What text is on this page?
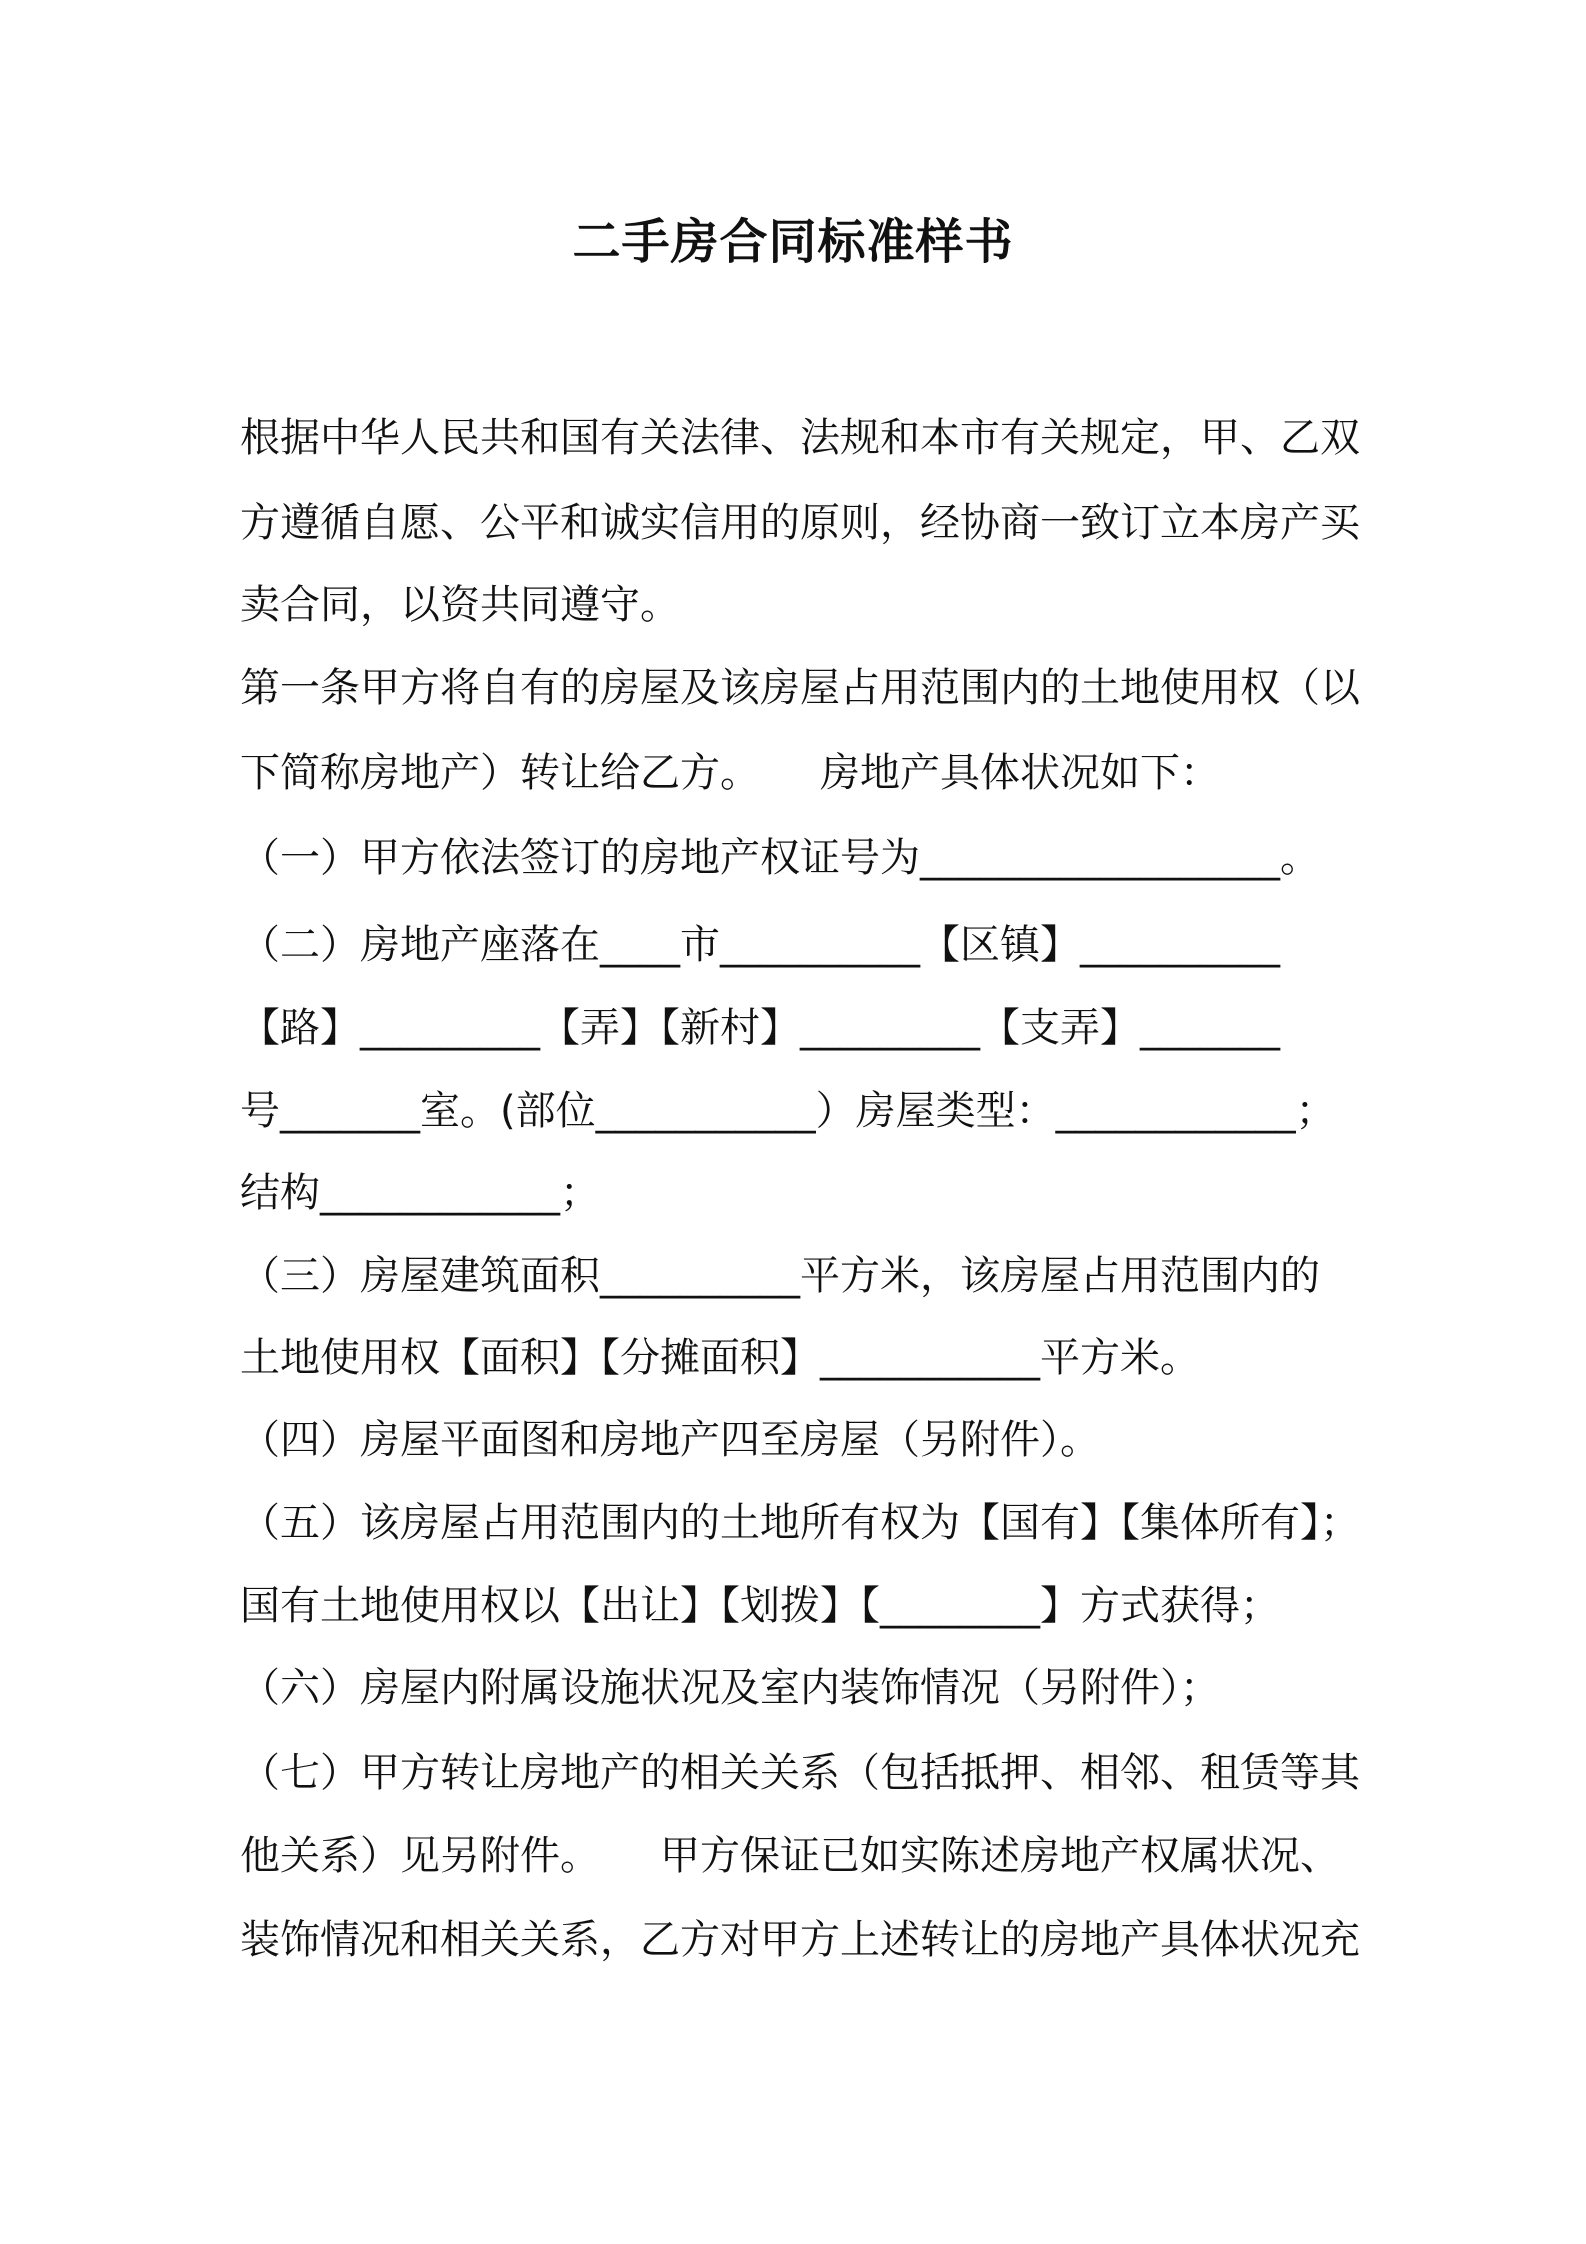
二手房合同标准样书
根据中华人民共和国有关法律、法规和本市有关规定，甲、乙双
方遵循自愿、公平和诚实信用的原则，经协商一致订立本房产买
卖合同，以资共同遵守。
第一条甲方将自有的房屋及该房屋占用范围内的土地使用权（以
下简称房地产）转让给乙方。　　房地产具体状况如下：
（一）甲方依法签订的房地产权证号为__________________。
（二）房地产座落在____市__________【区镇】__________
【路】_________【弄】【新村】_________【支弄】_______
号_______室。(部位___________）房屋类型：____________；
结构____________；
（三）房屋建筑面积__________平方米，该房屋占用范围内的
土地使用权【面积】【分摊面积】___________平方米。
（四）房屋平面图和房地产四至房屋（另附件）。
（五）该房屋占用范围内的土地所有权为【国有】【集体所有】；
国有土地使用权以【出让】【划拨】【________】方式获得；
（六）房屋内附属设施状况及室内装饰情况（另附件）；
（七）甲方转让房地产的相关关系（包括抵押、相邻、租赁等其
他关系）见另附件。　　甲方保证已如实陈述房地产权属状况、
装饰情况和相关关系，乙方对甲方上述转让的房地产具体状况充
